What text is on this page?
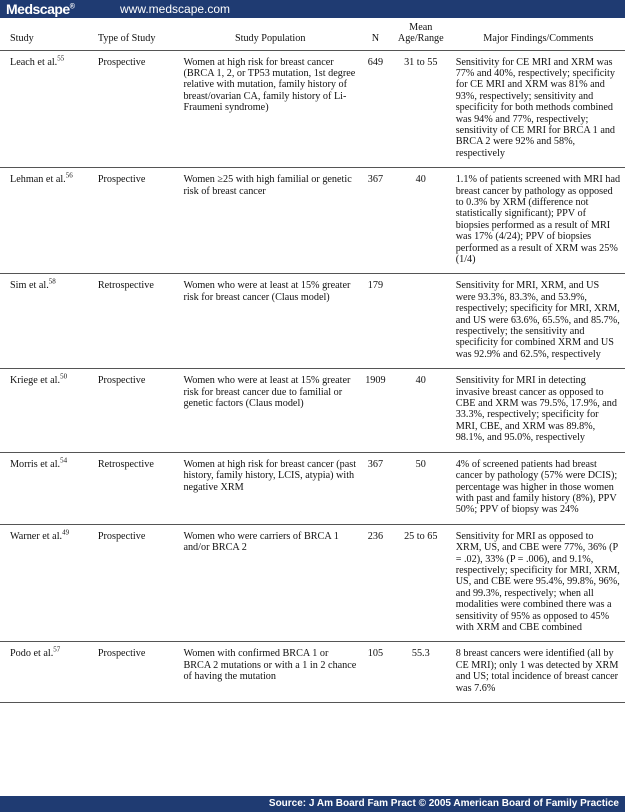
Medscape®	www.medscape.com
Study	Type of Study	Study Population	N	Mean Age/Range	Major Findings/Comments
Leach et al.$^{55}$	Prospective	Women at high risk for breast cancer (BRCA 1, 2, or TP53 mutation, 1st degree relative with mutation, family history of breast/ovarian CA, family history of Li-Fraumeni syndrome)	649	31 to 55	Sensitivity for CE MRI and XRM was 77% and 40%, respectively; specificity for CE MRI and XRM was 81% and 93%, respectively; sensitivity and specificity for both methods combined was 94% and 77%, respectively; sensitivity of CE MRI for BRCA 1 and BRCA 2 were 92% and 58%, respectively
Lehman et al.$^{56}$	Prospective	Women ≥25 with high familial or genetic risk of breast cancer	367	40	1.1% of patients screened with MRI had breast cancer by pathology as opposed to 0.3% by XRM (difference not statistically significant); PPV of biopsies performed as a result of MRI was 17% (4/24); PPV of biopsies performed as a result of XRM was 25% (1/4)
Sim et al.$^{58}$	Retrospective	Women who were at least at 15% greater risk for breast cancer (Claus model)	179		Sensitivity for MRI, XRM, and US were 93.3%, 83.3%, and 53.9%, respectively; specificity for MRI, XRM, and US were 63.6%, 65.5%, and 85.7%, respectively; the sensitivity and specificity for combined XRM and US was 92.9% and 62.5%, respectively
Kriege et al.$^{50}$	Prospective	Women who were at least at 15% greater risk for breast cancer due to familial or genetic factors (Claus model)	1909	40	Sensitivity for MRI in detecting invasive breast cancer as opposed to CBE and XRM was 79.5%, 17.9%, and 33.3%, respectively; specificity for MRI, CBE, and XRM was 89.8%, 98.1%, and 95.0%, respectively
Morris et al.$^{54}$	Retrospective	Women at high risk for breast cancer (past history, family history, LCIS, atypia) with negative XRM	367	50	4% of screened patients had breast cancer by pathology (57% were DCIS); percentage was higher in those women with past and family history (8%), PPV 50%; PPV of biopsy was 24%
Warner et al.$^{49}$	Prospective	Women who were carriers of BRCA 1 and/or BRCA 2	236	25 to 65	Sensitivity for MRI as opposed to XRM, US, and CBE were 77%, 36% (P = .02), 33% (P = .006), and 9.1%, respectively; specificity for MRI, XRM, US, and CBE were 95.4%, 99.8%, 96%, and 99.3%, respectively; when all modalities were combined there was a sensitivity of 95% as opposed to 45% with XRM and CBE combined
Podo et al.$^{57}$	Prospective	Women with confirmed BRCA 1 or BRCA 2 mutations or with a 1 in 2 chance of having the mutation	105	55.3	8 breast cancers were identified (all by CE MRI); only 1 was detected by XRM and US; total incidence of breast cancer was 7.6%
Source: J Am Board Fam Pract © 2005 American Board of Family Practice
